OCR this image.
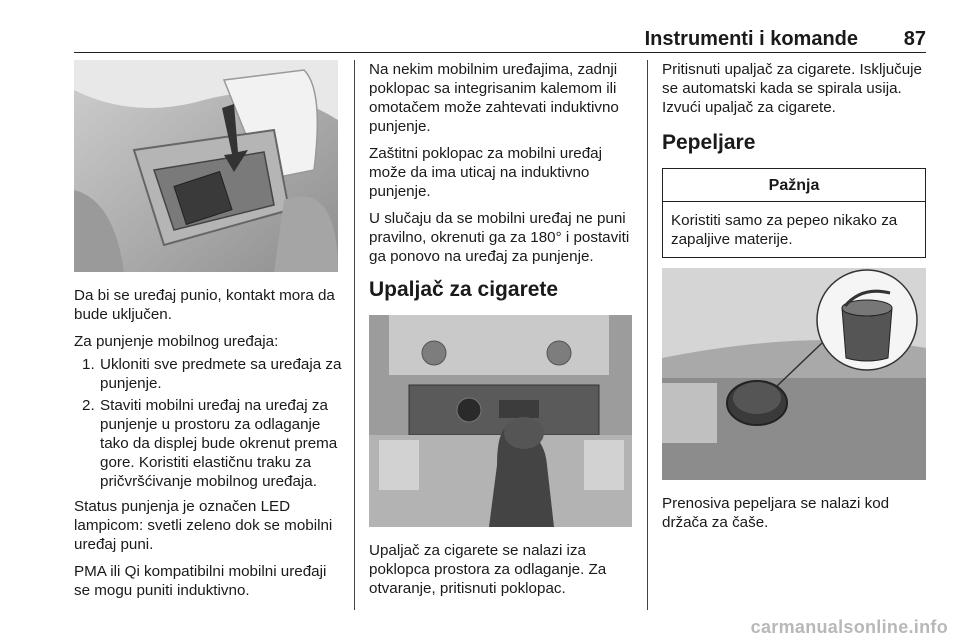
Instrumenti i komande 87

Da bi se uređaj punio, kontakt mora da bude uključen.

Za punjenje mobilnog uređaja:

1. Ukloniti sve predmete sa uređaja za punjenje.
2. Staviti mobilni uređaj na uređaj za punjenje u prostoru za odlaganje tako da displej bude okrenut prema gore. Koristiti elastičnu traku za pričvršćivanje mobilnog uređaja.

Status punjenja je označen LED lampicom: svetli zeleno dok se mobilni uređaj puni.

PMA ili Qi kompatibilni mobilni uređaji se mogu puniti induktivno.

Na nekim mobilnim uređajima, zadnji poklopac sa integrisanim kalemom ili omotačem može zahtevati induktivno punjenje.

Zaštitni poklopac za mobilni uređaj može da ima uticaj na induktivno punjenje.

U slučaju da se mobilni uređaj ne puni pravilno, okrenuti ga za 180° i postaviti ga ponovo na uređaj za punjenje.

Upaljač za cigarete

Upaljač za cigarete se nalazi iza poklopca prostora za odlaganje. Za otvaranje, pritisnuti poklopac.

Pritisnuti upaljač za cigarete. Isključuje se automatski kada se spirala usija. Izvući upaljač za cigarete.

Pepeljare
Pažnja
Koristiti samo za pepeo nikako za zapaljive materije.

Prenosiva pepeljara se nalazi kod držača za čaše.

carmanualsonline.info
